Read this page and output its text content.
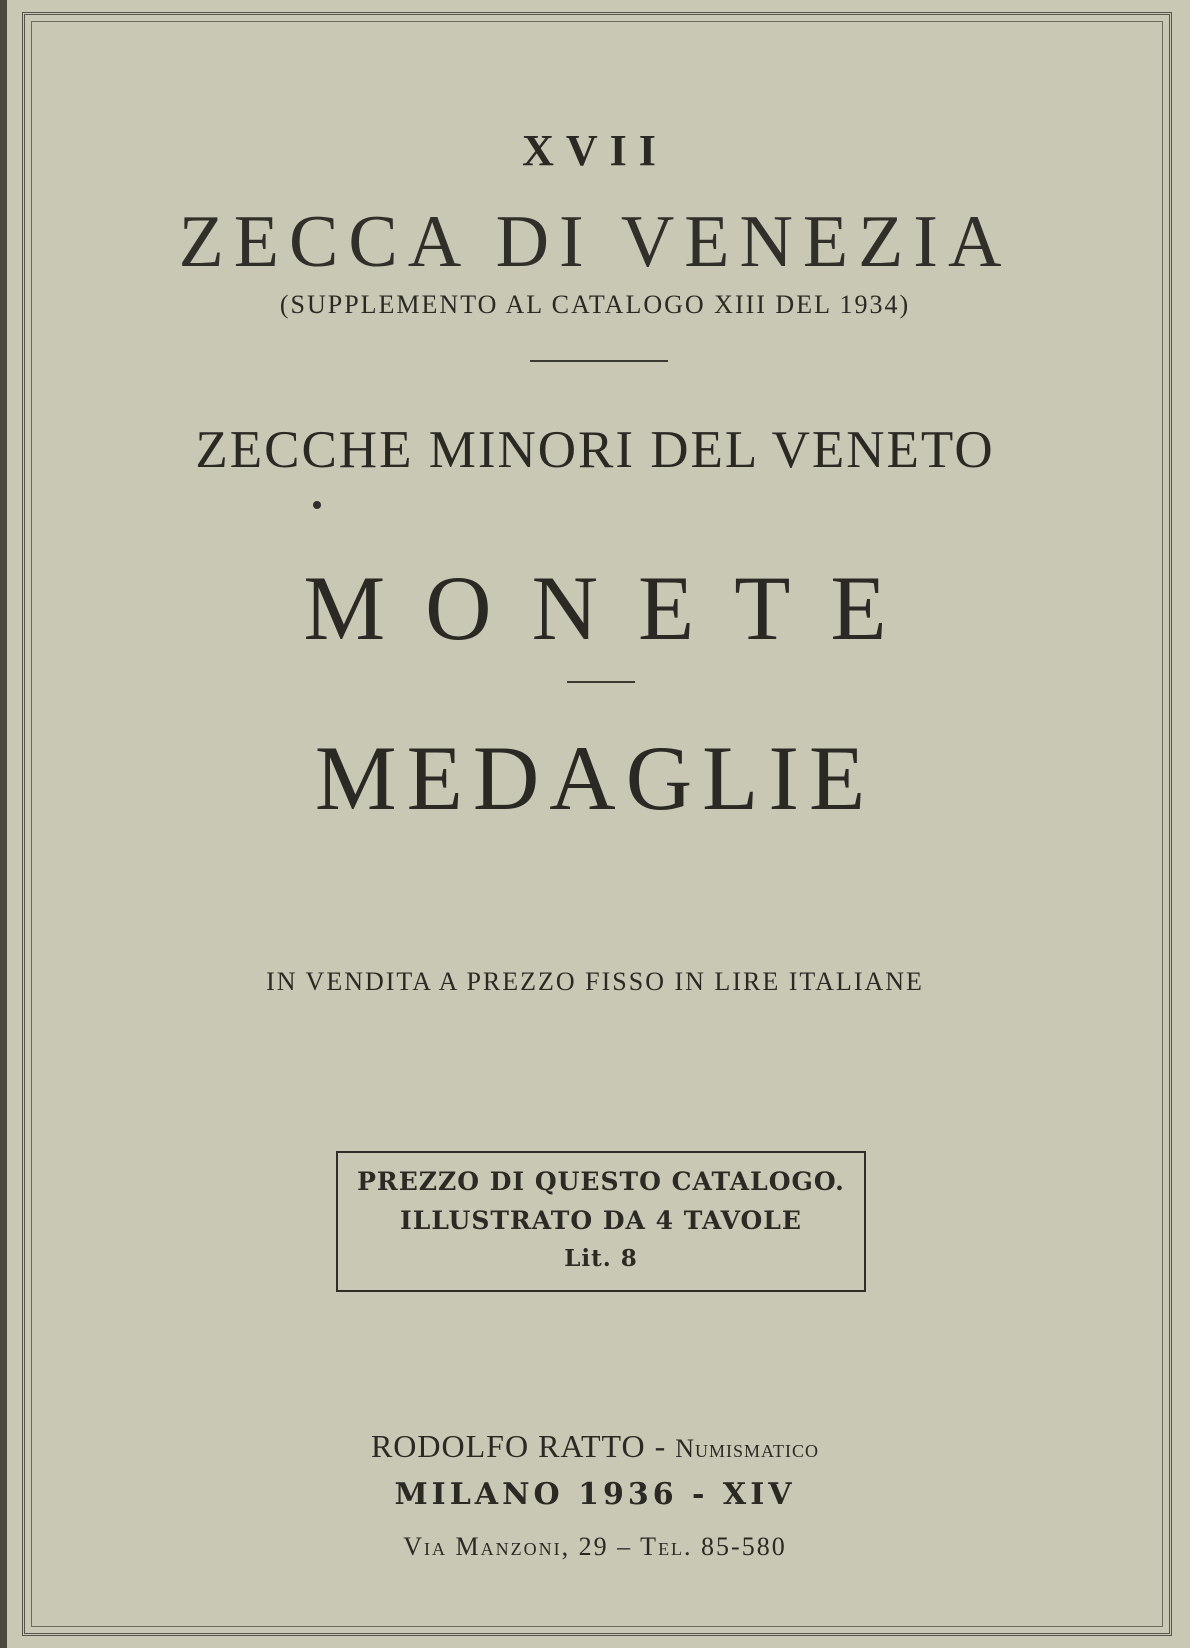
XVII
ZECCA DI VENEZIA
(SUPPLEMENTO AL CATALOGO XIII DEL 1934)
ZECCHE MINORI DEL VENETO
MONETE
MEDAGLIE
IN VENDITA A PREZZO FISSO IN LIRE ITALIANE
PREZZO DI QUESTO CATALOGO.
ILLUSTRATO DA 4 TAVOLE
Lit. 8
RODOLFO RATTO - Numismatico
MILANO 1936 - XIV
Via Manzoni, 29 – Tel. 85-580
